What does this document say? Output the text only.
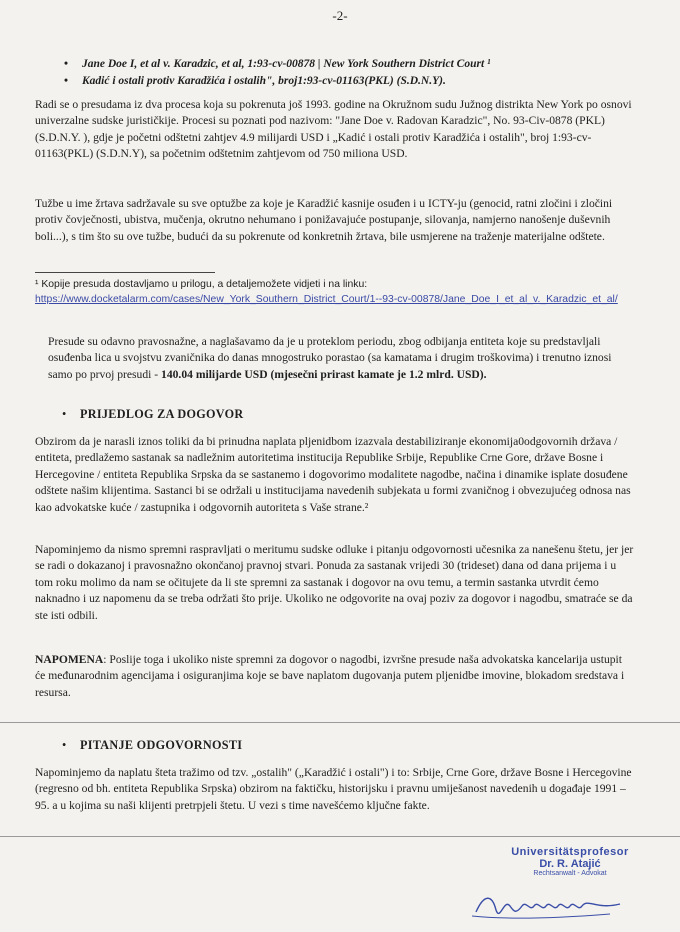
-2-
• Jane Doe I, et al v. Karadzic, et al, 1:93-cv-00878 | New York Southern District Court ¹
• Kadić i ostali protiv Karadžića i ostalih", broj1:93-cv-01163(PKL) (S.D.N.Y).

Radi se o presudama iz dva procesa koja su pokrenuta još 1993. godine na Okružnom sudu Južnog distrikta New York po osnovi univerzalne sudske jurističkije. Procesi su poznati pod nazivom: "Jane Doe v. Radovan Karadzic", No. 93-Civ-0878 (PKL) (S.D.N.Y. ), gdje je početni odštetni zahtjev 4.9 milijardi USD i „Kadić i ostali protiv Karadžića i ostalih", broj 1:93-cv-01163(PKL) (S.D.N.Y), sa početnim odštetnim zahtjevom od 750 miliona USD.

Tužbe u ime žrtava sadržavale su sve optužbe za koje je Karadžić kasnije osuđen i u ICTY-ju (genocid, ratni zločini i zločini protiv čovječnosti, ubistva, mučenja, okrutno nehumano i ponižavajuće postupanje, silovanja, namjerno nanošenje duševnih boli...), s tim što su ove tužbe, budući da su pokrenute od konkretnih žrtava, bile usmjerene na traženje materijalne odštete.

¹ Kopije presuda dostavljamo u prilogu, a detaljemožete vidjeti i na linku:
https://www.docketalarm.com/cases/New_York_Southern_District_Court/1--93-cv-00878/Jane_Doe_I_et_al_v._Karadzic_et_al/

Presude su odavno pravosnažne, a naglašavamo da je u proteklom periodu, zbog odbijanja entiteta koje su predstavljali osuđenba lica u svojstvu zvaničnika do danas mnogostruko porastao (sa kamatama i drugim troškovima) i trenutno iznosi samo po prvoj presudi - 140.04 milijarde USD (mjesečni prirast kamate je 1.2 mlrd. USD).

• PRIJEDLOG ZA DOGOVOR

Obzirom da je narasli iznos toliki da bi prinudna naplata pljenidbom izazvala destabiliziranje ekonomija0odgovornih država / entiteta, predlažemo sastanak sa nadležnim autoritetima institucija Republike Srbije, Republike Crne Gore, države Bosne i Hercegovine / entiteta Republika Srpska da se sastanemo i dogovorimo modalitete nagodbe, načina i dinamike isplate dosuđene odštete našim klijentima. Sastanci bi se održali u institucijama navedenih subjekata u formi zvaničnog i obvezujućeg odnosa nas kao advokatske kuće / zastupnika i odgovornih autoriteta s Vaše strane.²

Napominjemo da nismo spremni raspravljati o meritumu sudske odluke i pitanju odgovornosti učesnika za nanešenu štetu, jer jer se radi o dokazanoj i pravosnažno okončanoj pravnoj stvari. Ponuda za sastanak vrijedi 30 (trideset) dana od dana prijema i u tom roku molimo da nam se očitujete da li ste spremni za sastanak i dogovor na ovu temu, a termin sastanka utvrdit ćemo naknadno i uz napomenu da se treba održati što prije. Ukoliko ne odgovorite na ovaj poziv za dogovor i nagodbu, smatraće se da ste isti odbili.

NAPOMENA: Poslije toga i ukoliko niste spremni za dogovor o nagodbi, izvršne presude naša advokatska kancelarija ustupit će međunarodnim agencijama i osiguranjima koje se bave naplatom dugovanja putem pljenidbe imovine, blokadom sredstava i resursa.

• PITANJE ODGOVORNOSTI

Napominjemo da naplatu šteta tražimo od tzv. „ostalih" („Karadžić i ostali") i to: Srbije, Crne Gore, države Bosne i Hercegovine (regresno od bh. entiteta Republika Srpska) obzirom na faktičku, historijsku i pravnu umiješanost navedenih u događaje 1991 – 95. a u kojima su naši klijenti pretrpjeli štetu. U vezi s time navešćemo ključne fakte.

Universitätsprofesor
Dr. R. Atajić
Rechtsanwalt - Advokat
